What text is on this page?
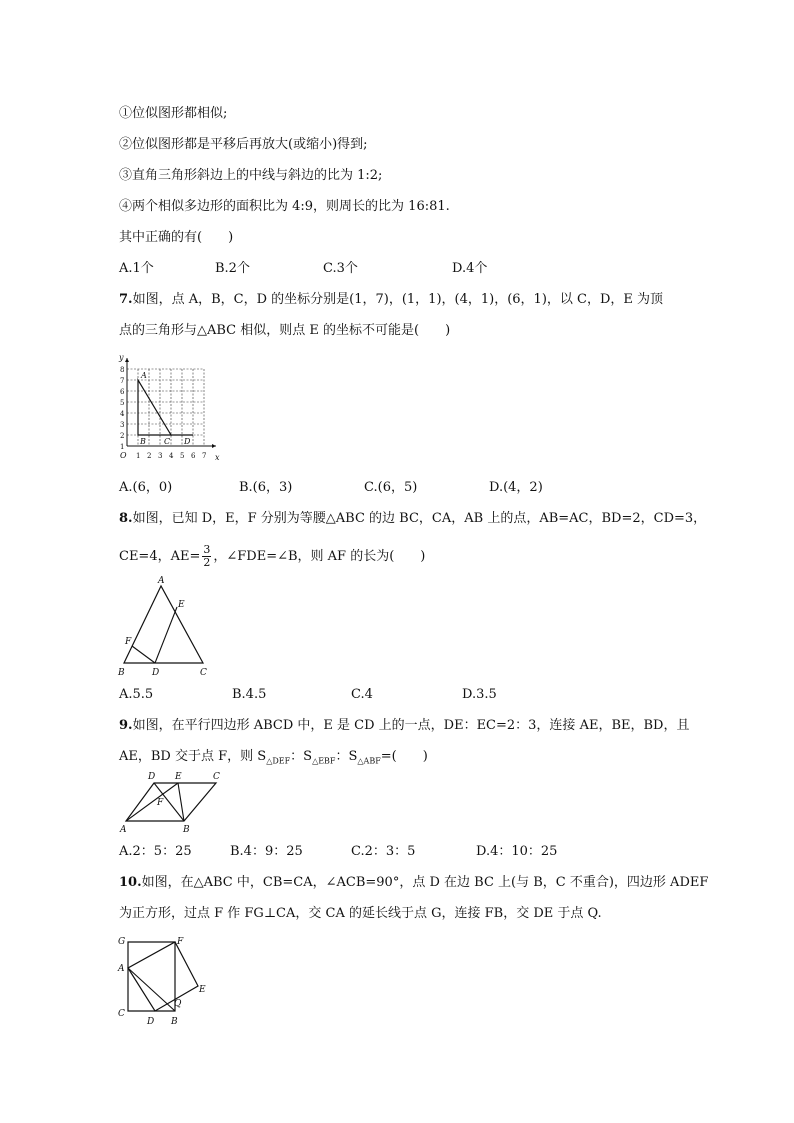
①位似图形都相似;
②位似图形都是平移后再放大(或缩小)得到;
③直角三角形斜边上的中线与斜边的比为 1:2;
④两个相似多边形的面积比为 4:9，则周长的比为 16:81.
其中正确的有(　　)
A.1个	B.2个	C.3个	D.4个
7.如图，点 A，B，C，D 的坐标分别是(1，7)，(1，1)，(4，1)，(6，1)，以 C，D，E 为顶
点的三角形与△ABC 相似，则点 E 的坐标不可能是(　　)
y
x
O
1
2
3
4
5
6
7
8
1 2 3 4 5 6 7
A
B C D
A.(6，0)	B.(6，3)	C.(6，5)	D.(4，2)
8.如图，已知 D，E，F 分别为等腰△ABC 的边 BC，CA，AB 上的点，AB=AC，BD=2，CD=3，
CE=4，$AE= \frac{3}{2}$ ，∠FDE=∠B，则 AF 的长为(　　)
A
E
F
B	D	C
A.5.5	B.4.5	C.4	D.3.5
9.如图，在平行四边形 ABCD 中，E 是 CD 上的一点，DE：EC=2：3，连接 AE，BE，BD，且
AE，BD 交于点 F，则 $S_{\triangle DEF}$：$S_{\triangle EBF}$：$S_{\triangle ABF}=$(　　)
D E	C
F
A	B
A.2：5：25	B.4：9：25	C.2：3：5	D.4：10：25
10.如图，在△ABC 中，CB=CA，∠ACB=90°，点 D 在边 BC 上(与 B，C 不重合)，四边形 ADEF
为正方形，过点 F 作 FG⊥CA，交 CA 的延长线于点 G，连接 FB，交 DE 于点 Q.
G	F
A
E
Q
C
D B
